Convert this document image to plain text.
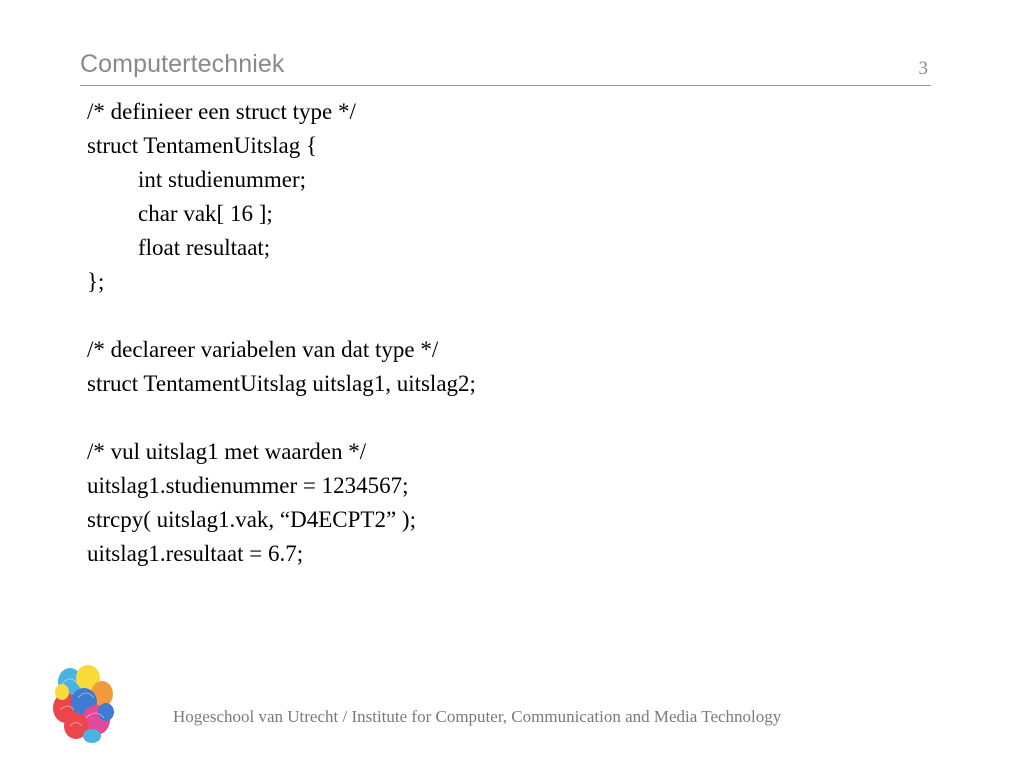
Computertechniek	3
/* definieer een struct type */
struct TentamenUitslag {
int studienummer;
char vak[ 16 ];
float resultaat;
};
/* declareer variabelen van dat type */
struct TentamentUitslag uitslag1, uitslag2;
/* vul uitslag1 met waarden */
uitslag1.studienummer = 1234567;
strcpy( uitslag1.vak, “D4ECPT2” );
uitslag1.resultaat = 6.7;
Hogeschool van Utrecht / Institute for Computer, Communication and Media Technology
